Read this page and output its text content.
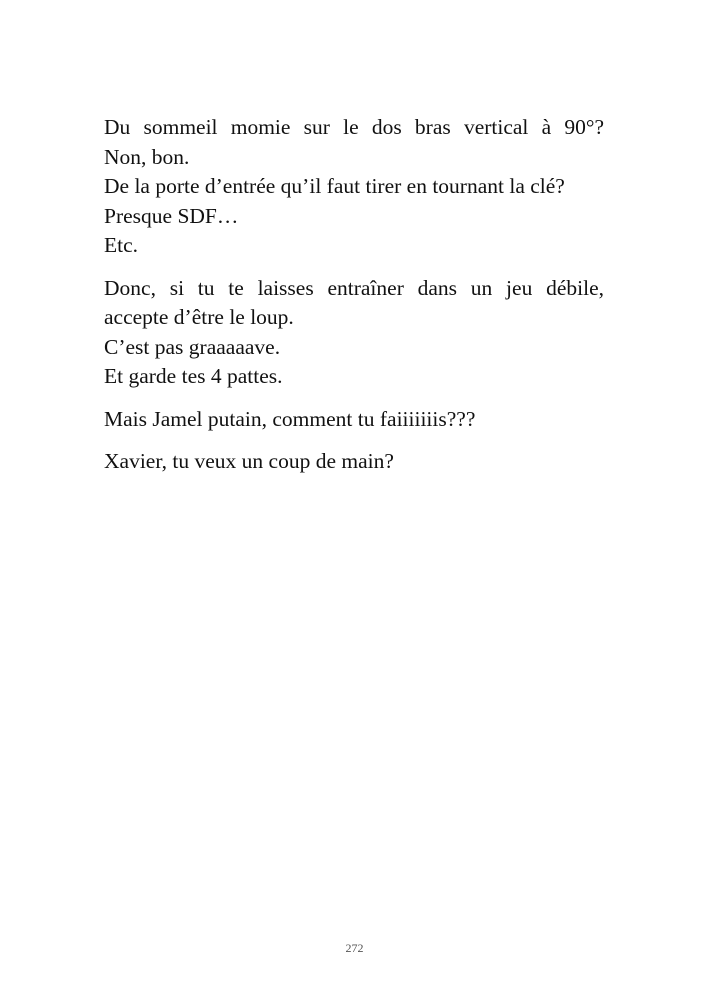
Du sommeil momie sur le dos bras vertical à 90°?
Non, bon.
De la porte d’entrée qu’il faut tirer en tournant la clé?
Presque SDF…
Etc.
Donc, si tu te laisses entraîner dans un jeu débile,
accepte d’être le loup.
C’est pas graaaaave.
Et garde tes 4 pattes.
Mais Jamel putain, comment tu faiiiiiiis???
Xavier, tu veux un coup de main?
272
